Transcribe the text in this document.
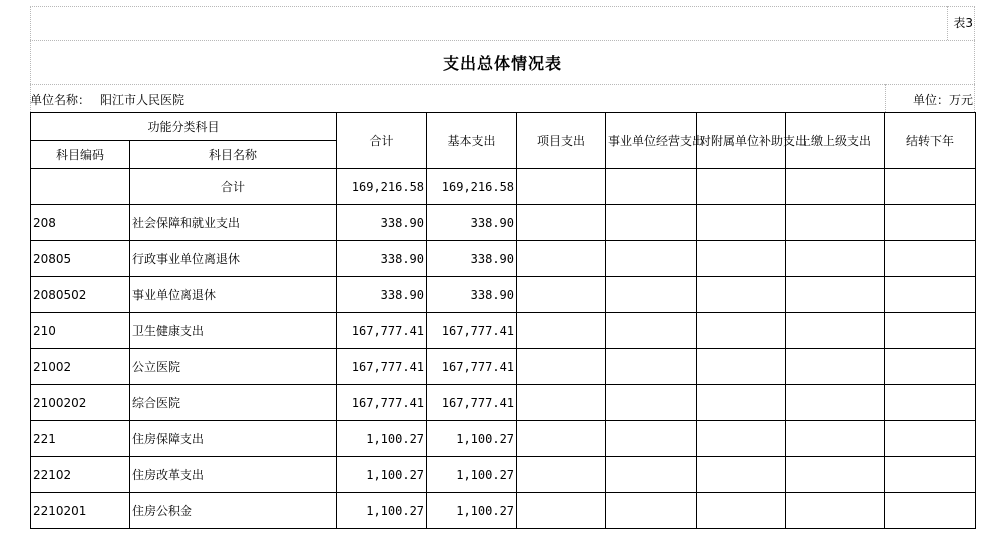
表3
支出总体情况表
单位名称： 阳江市人民医院	单位：万元
功能分类科目		合计	基本支出	项目支出	事业单位经营支出	对附属单位补助支出	上缴上级支出	结转下年
科目编码	科目名称							
	合计	169,216.58	169,216.58					
208	社会保障和就业支出	338.90	338.90					
20805	行政事业单位离退休	338.90	338.90					
2080502	事业单位离退休	338.90	338.90					
210	卫生健康支出	167,777.41	167,777.41					
21002	公立医院	167,777.41	167,777.41					
2100202	综合医院	167,777.41	167,777.41					
221	住房保障支出	1,100.27	1,100.27					
22102	住房改革支出	1,100.27	1,100.27					
2210201	住房公积金	1,100.27	1,100.27					
